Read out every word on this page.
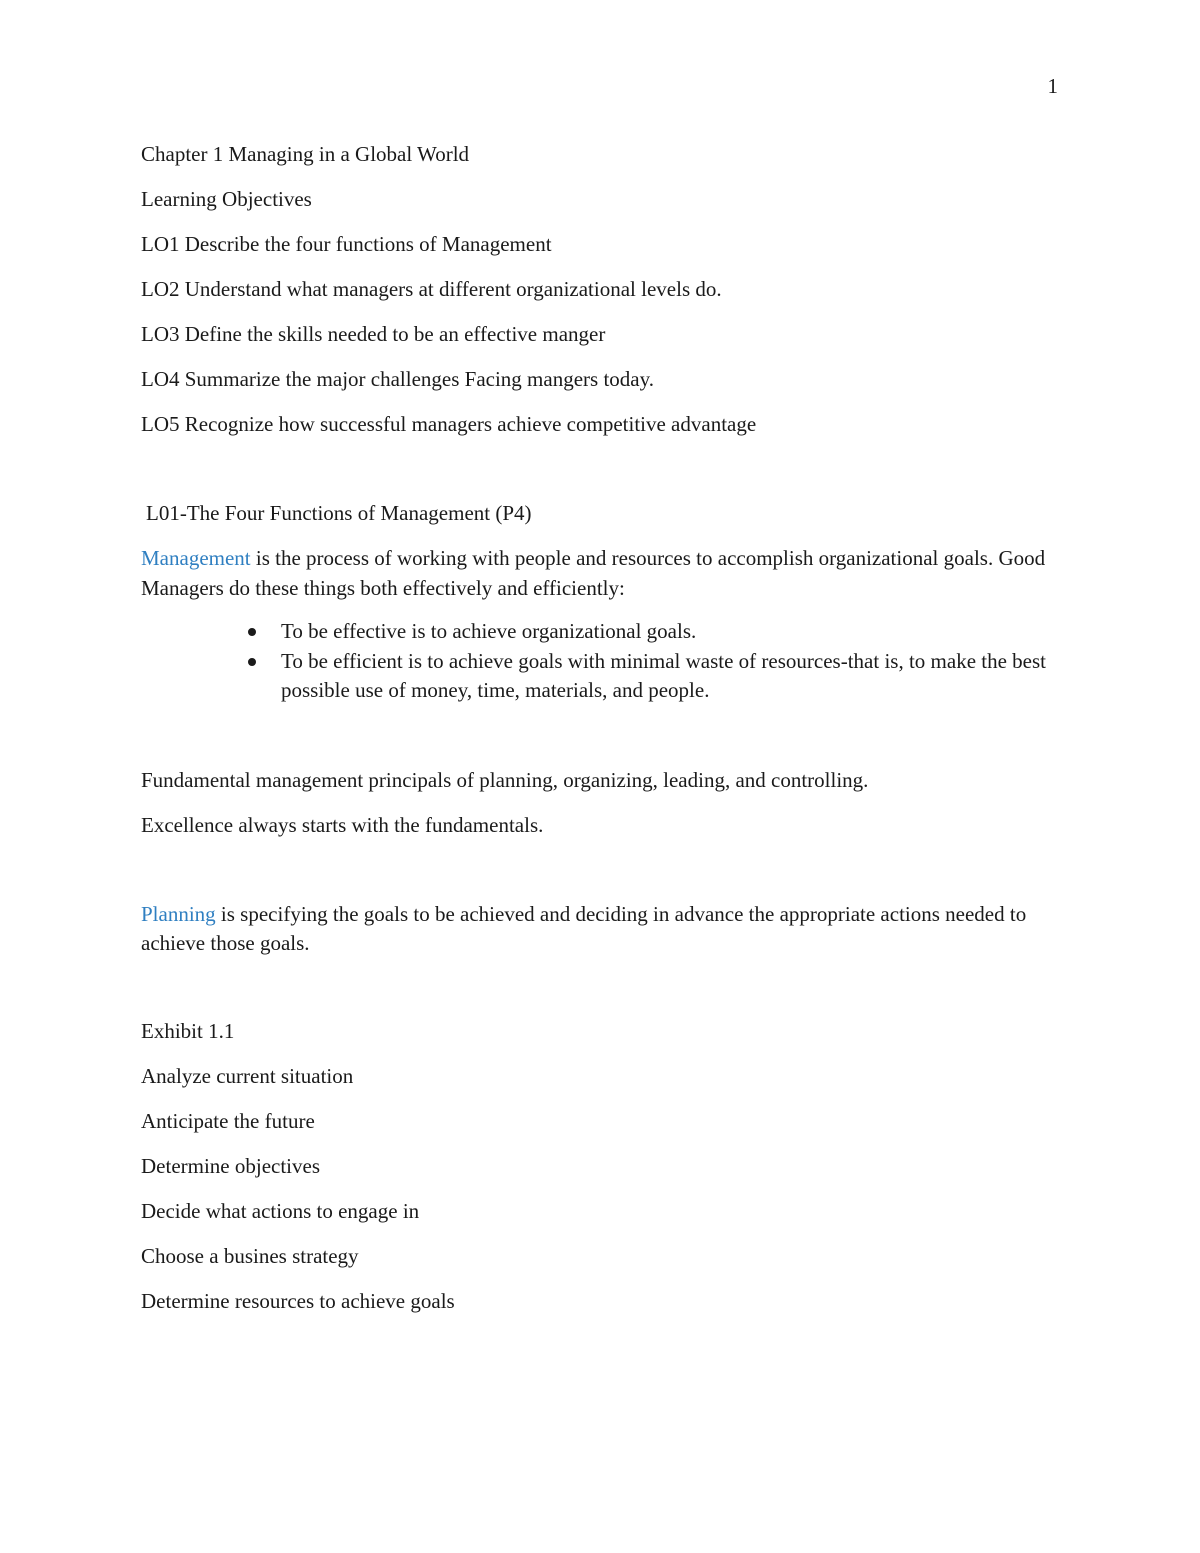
1

Chapter 1 Managing in a Global World

Learning Objectives

LO1 Describe the four functions of Management

LO2 Understand what managers at different organizational levels do.

LO3 Define the skills needed to be an effective manger

LO4 Summarize the major challenges Facing mangers today.

LO5 Recognize how successful managers achieve competitive advantage

L01-The Four Functions of Management (P4)

Management is the process of working with people and resources to accomplish organizational goals. Good Managers do these things both effectively and efficiently:

To be effective is to achieve organizational goals.
To be efficient is to achieve goals with minimal waste of resources-that is, to make the best possible use of money, time, materials, and people.

Fundamental management principals of planning, organizing, leading, and controlling.

Excellence always starts with the fundamentals.

Planning is specifying the goals to be achieved and deciding in advance the appropriate actions needed to achieve those goals.

Exhibit 1.1

Analyze current situation

Anticipate the future

Determine objectives

Decide what actions to engage in

Choose a busines strategy

Determine resources to achieve goals
